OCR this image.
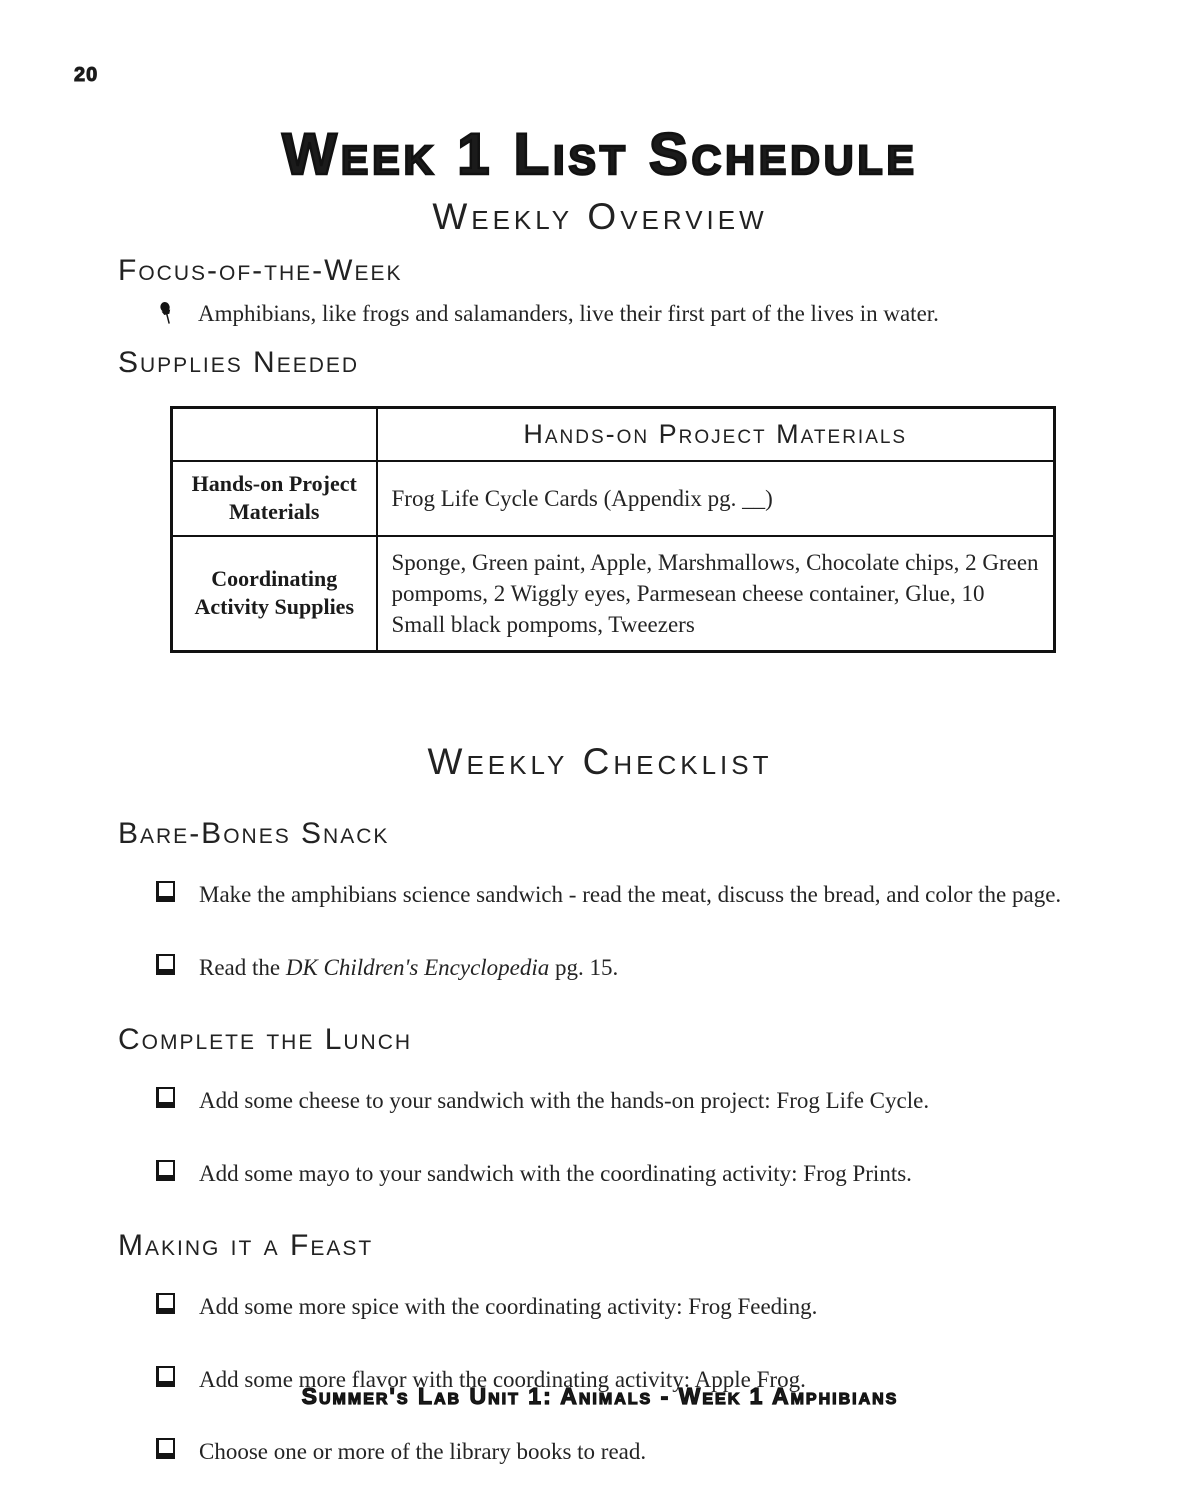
20
Week 1 List Schedule
Weekly Overview
Focus-of-the-Week

Amphibians, like frogs and salamanders, live their first part of the lives in water.

Supplies Needed
	Hands-on Project Materials
Hands-on Project Materials	Frog Life Cycle Cards (Appendix pg. __)
Coordinating Activity Supplies	Sponge, Green paint, Apple, Marshmallows, Chocolate chips, 2 Green pompoms, 2 Wiggly eyes, Parmesean cheese container, Glue, 10 Small black pompoms, Tweezers
Weekly Checklist
Bare-Bones Snack

Make the amphibians science sandwich - read the meat, discuss the bread, and color the page.

Read the DK Children's Encyclopedia pg. 15.

Complete the Lunch

Add some cheese to your sandwich with the hands-on project: Frog Life Cycle.

Add some mayo to your sandwich with the coordinating activity: Frog Prints.

Making it a Feast

Add some more spice with the coordinating activity: Frog Feeding.

Add some more flavor with the coordinating activity: Apple Frog.

Choose one or more of the library books to read.

Summer's Lab Unit 1: Animals - Week 1 Amphibians
